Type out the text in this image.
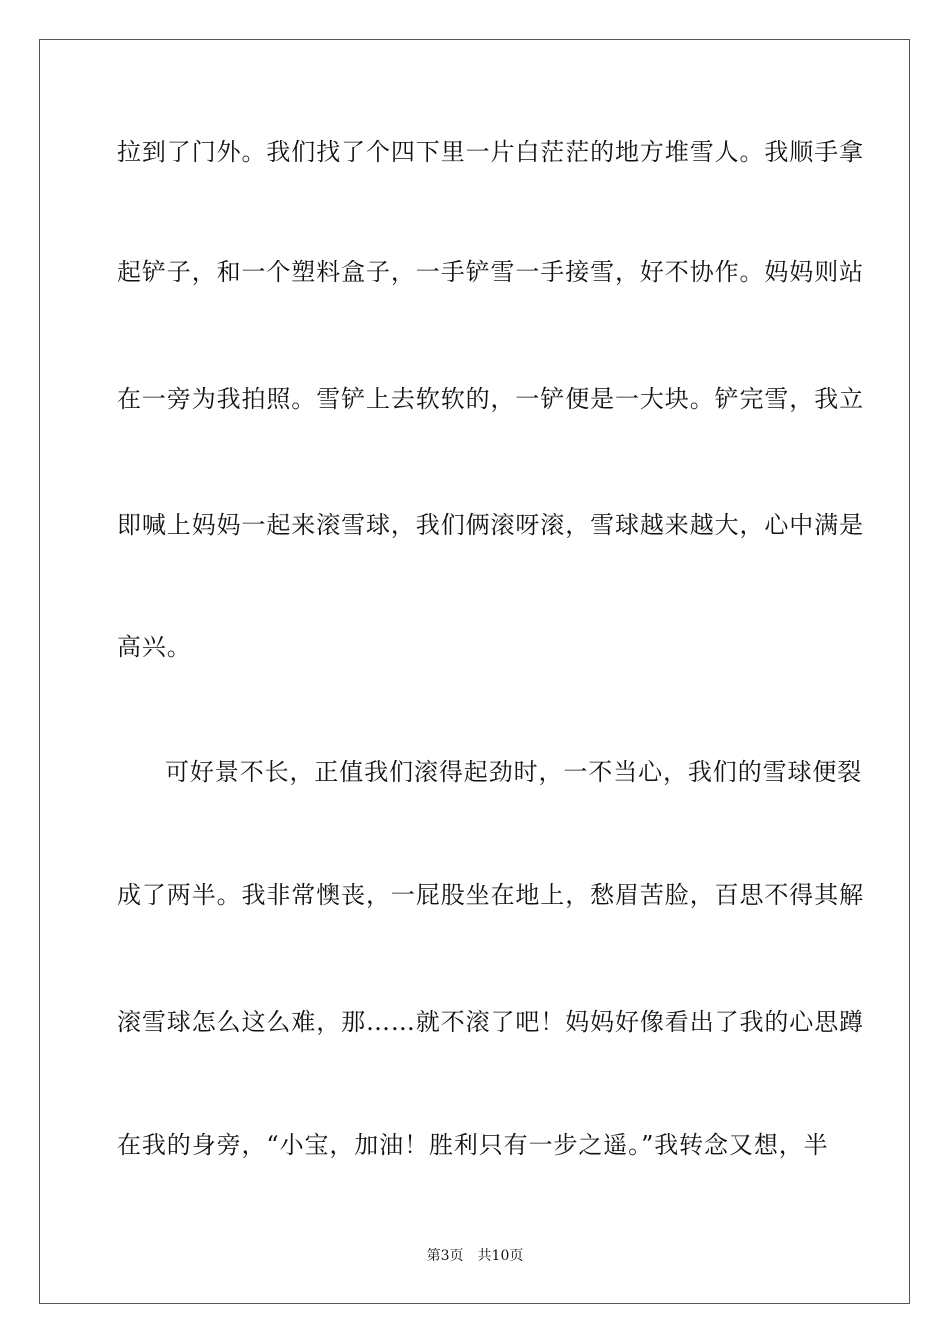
拉到了门外。我们找了个四下里一片白茫茫的地方堆雪人。我顺手拿
起铲子，和一个塑料盒子，一手铲雪一手接雪，好不协作。妈妈则站
在一旁为我拍照。雪铲上去软软的，一铲便是一大块。铲完雪，我立
即喊上妈妈一起来滚雪球，我们俩滚呀滚，雪球越来越大，心中满是
高兴。
可好景不长，正值我们滚得起劲时，一不当心，我们的雪球便裂
成了两半。我非常懊丧，一屁股坐在地上，愁眉苦脸，百思不得其解
滚雪球怎么这么难，那……就不滚了吧！妈妈好像看出了我的心思蹲
在我的身旁，“小宝，加油！胜利只有一步之遥。”我转念又想，半
第3页 共10页
